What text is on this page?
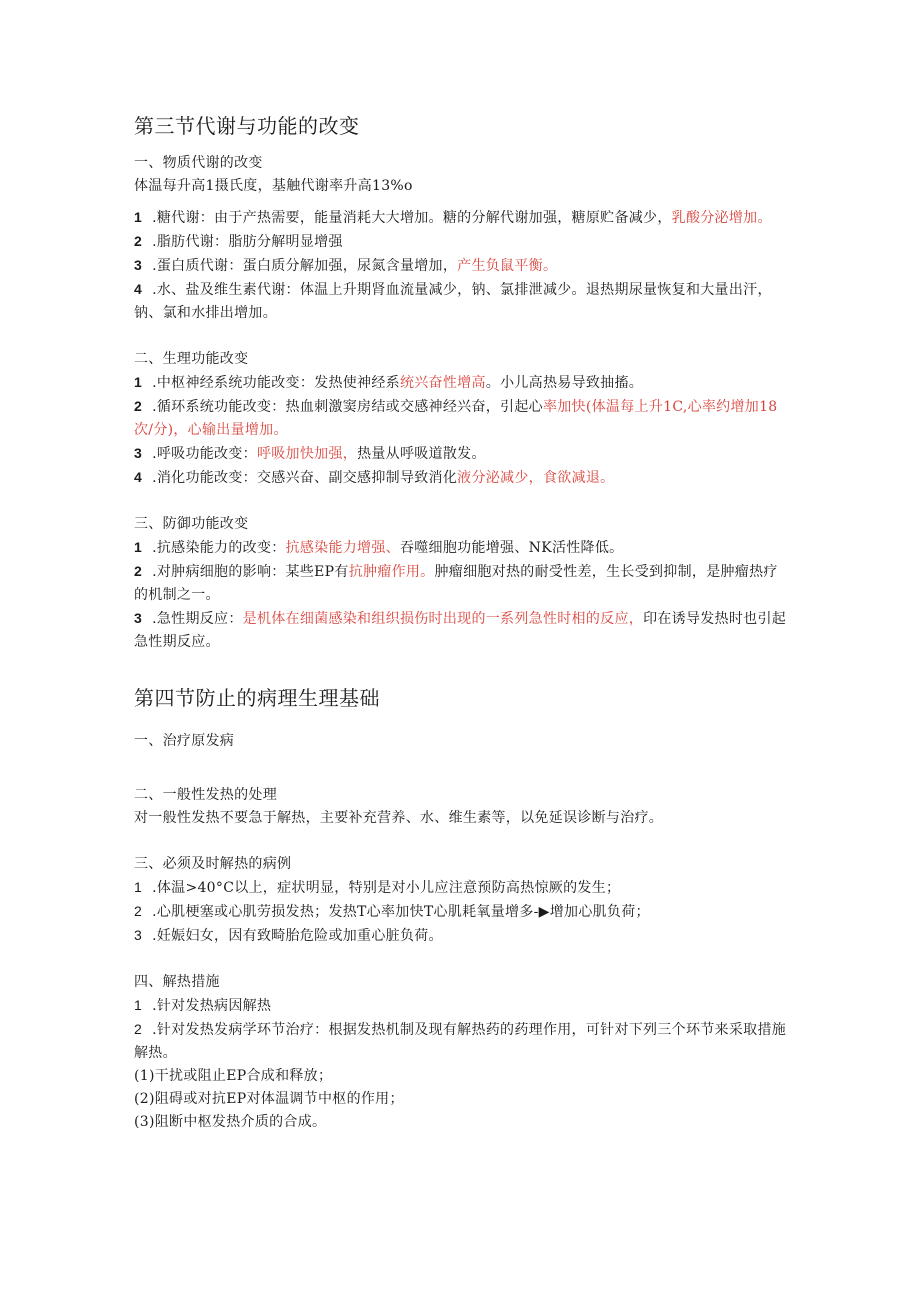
第三节代谢与功能的改变

一、物质代谢的改变

体温每升高1摄氏度，基触代谢率升高13%o

1 .糖代谢：由于产热需要，能量消耗大大增加。糖的分解代谢加强，糖原贮备减少，乳酸分泌增加。

2 .脂肪代谢：脂肪分解明显增强

3 .蛋白质代谢：蛋白质分解加强，尿氮含量增加，产生负鼠平衡。

4 .水、盐及维生素代谢：体温上升期肾血流量减少，钠、氯排泄减少。退热期尿量恢复和大量出汗，钠、氯和水排出增加。

二、生理功能改变

1 .中枢神经系统功能改变：发热使神经系统兴奋性增高。小儿高热易导致抽搐。

2 .循环系统功能改变：热血刺激窦房结或交感神经兴奋，引起心率加快(体温每上升1C,心率约增加18次/分)，心输出量增加。

3 .呼吸功能改变：呼吸加快加强，热量从呼吸道散发。

4 .消化功能改变：交感兴奋、副交感抑制导致消化液分泌减少，食欲减退。

三、防御功能改变

1 .抗感染能力的改变：抗感染能力增强、吞噬细胞功能增强、NK活性降低。

2 .对肿病细胞的影响：某些EP有抗肿瘤作用。肿瘤细胞对热的耐受性差，生长受到抑制，是肿瘤热疗的机制之一。

3 .急性期反应：是机体在细菌感染和组织损伤时出现的一系列急性时相的反应，印在诱导发热时也引起急性期反应。

第四节防止的病理生理基础

一、治疗原发病

二、一般性发热的处理

对一般性发热不要急于解热，主要补充营养、水、维生素等，以免延误诊断与治疗。

三、必须及时解热的病例

1 .体温>40°C以上，症状明显，特别是对小儿应注意预防高热惊厥的发生；

2 .心肌梗塞或心肌劳损发热；发热T心率加快T心肌耗氧量增多-▶增加心肌负荷；

3 .妊娠妇女，因有致畸胎危险或加重心脏负荷。

四、解热措施

1 .针对发热病因解热

2 .针对发热发病学环节治疗：根据发热机制及现有解热药的药理作用，可针对下列三个环节来采取措施解热。

(1)干扰或阻止EP合成和释放；

(2)阻碍或对抗EP对体温调节中枢的作用；

(3)阻断中枢发热介质的合成。
